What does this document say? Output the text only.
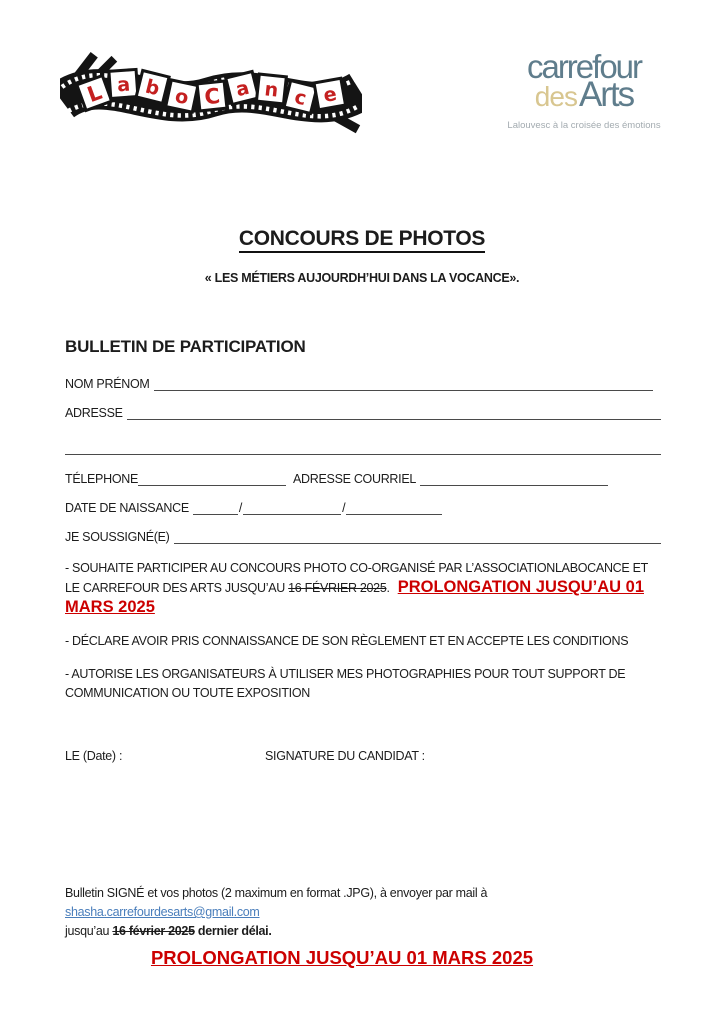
L a b o C a n c e
carrefour
desArts
Lalouvesc à la croisée des émotions
CONCOURS DE PHOTOS
« LES MÉTIERS AUJOURDH’HUI DANS LA VOCANCE».
BULLETIN DE PARTICIPATION
NOM PRÉNOM
ADRESSE
TÉLEPHONE	ADRESSE COURRIEL
DATE DE NAISSANCE	/	/
JE SOUSSIGNÉ(E)

- SOUHAITE PARTICIPER AU CONCOURS PHOTO CO-ORGANISÉ PAR L’ASSOCIATIONLABOCANCE ET LE CARREFOUR DES ARTS JUSQU’AU 16 FÉVRIER 2025. PROLONGATION JUSQU’AU 01 MARS 2025

- DÉCLARE AVOIR PRIS CONNAISSANCE DE SON RÈGLEMENT ET EN ACCEPTE LES CONDITIONS

- AUTORISE LES ORGANISATEURS À UTILISER MES PHOTOGRAPHIES POUR TOUT SUPPORT DE COMMUNICATION OU TOUTE EXPOSITION

LE (Date) :	SIGNATURE DU CANDIDAT :
Bulletin SIGNÉ et vos photos (2 maximum en format .JPG), à envoyer par mail à shasha.carrefourdesarts@gmail.com
jusqu’au 16 février 2025 dernier délai.
PROLONGATION JUSQU’AU 01 MARS 2025
